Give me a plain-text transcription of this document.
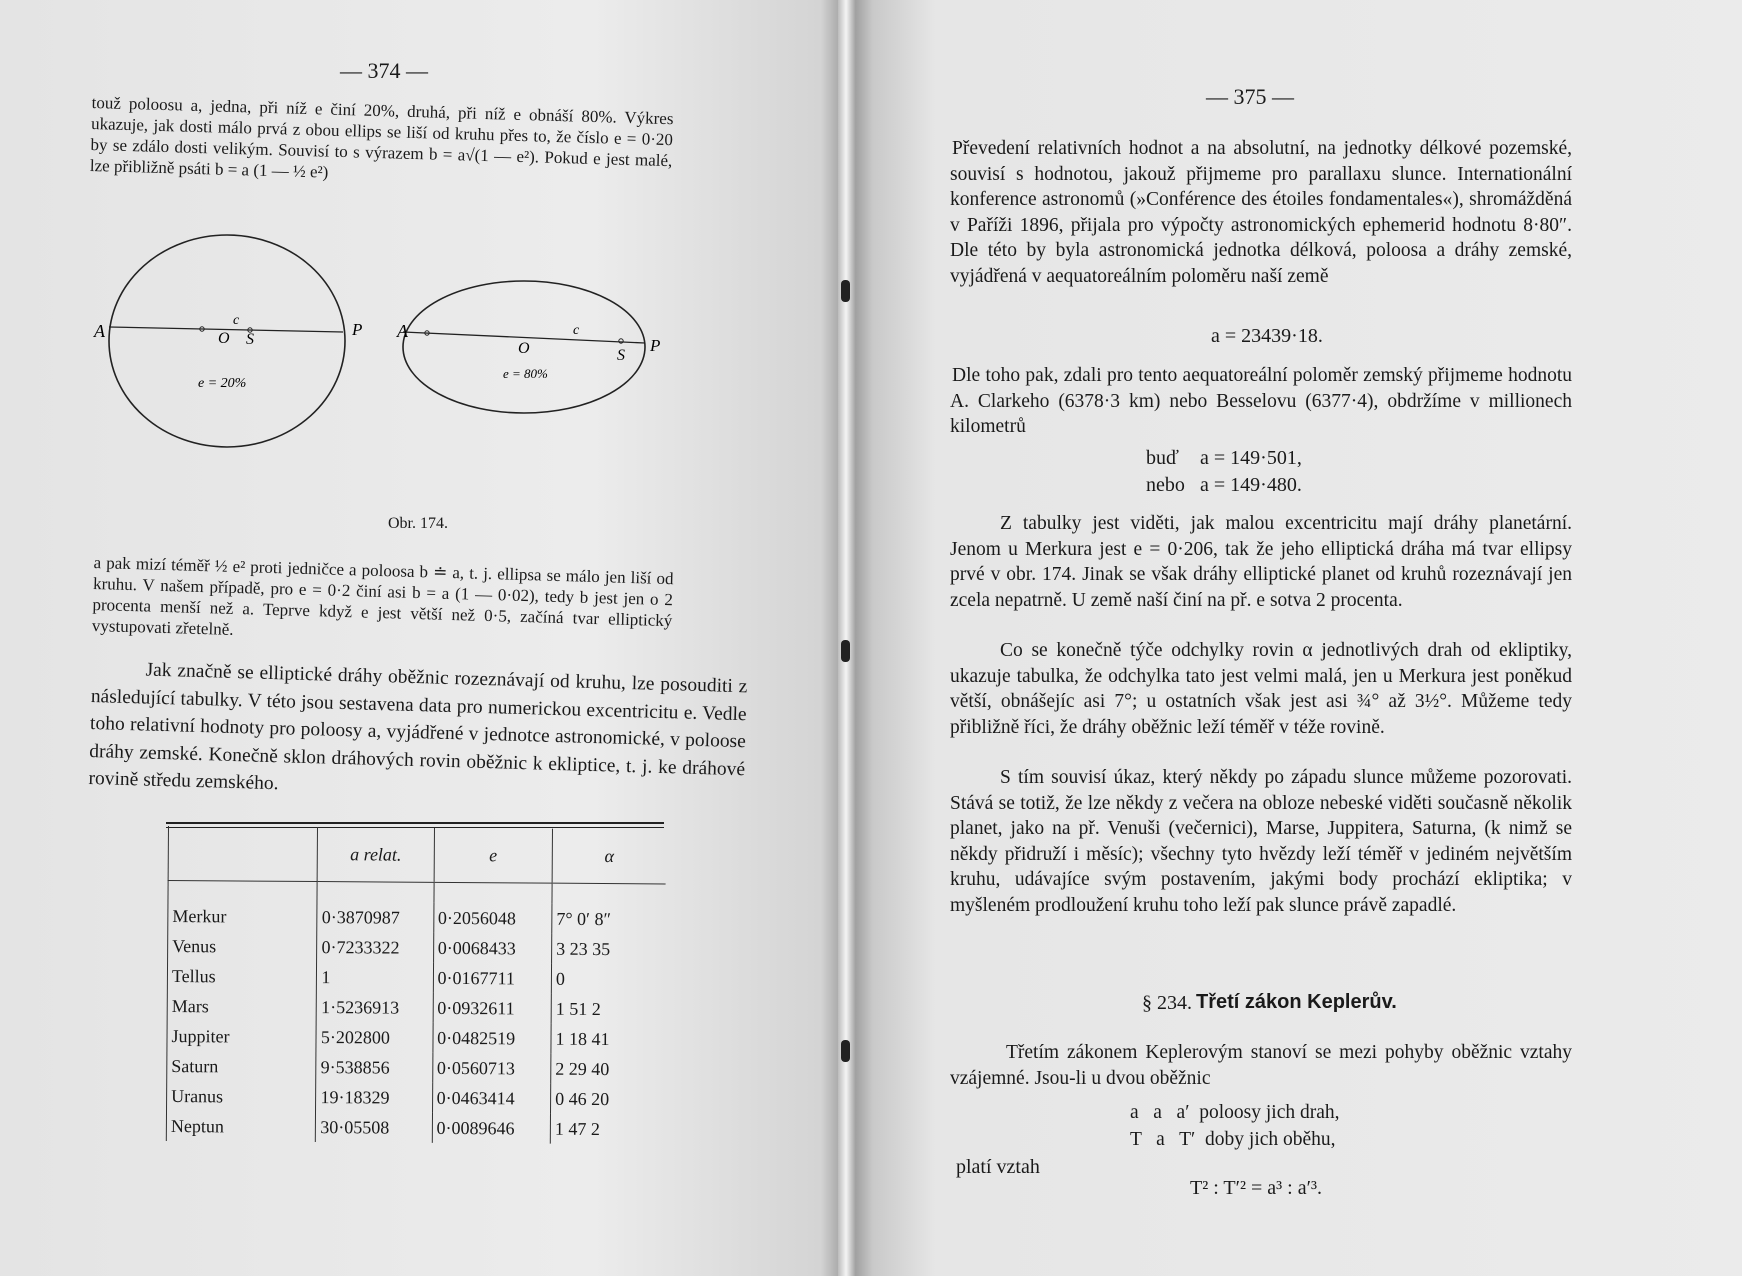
— 374 —

touž poloosu a, jedna, při níž e činí 20%, druhá, při níž e obnáší 80%. Výkres ukazuje, jak dosti málo prvá z obou ellips se liší od kruhu přes to, že číslo e = 0·20 by se zdálo dosti velikým. Souvisí to s výrazem b = a√(1 — e²). Pokud e jest malé, lze přibližně psáti b = a (1 — ½ e²)

A	O S
c	P
e = 20%
A
O	S
c
P
e = 80%
Obr. 174.

a pak mizí téměř ½ e² proti jedničce a poloosa b ≐ a, t. j. ellipsa se málo jen liší od kruhu. V našem případě, pro e = 0·2 činí asi b = a (1 — 0·02), tedy b jest jen o 2 procenta menší než a. Teprve když e jest větší než 0·5, začíná tvar elliptický vystupovati zřetelně.

Jak značně se elliptické dráhy oběžnic rozeznávají od kruhu, lze posouditi z následující tabulky. V této jsou sestavena data pro numerickou excentricitu e. Vedle toho relativní hodnoty pro poloosy a, vyjádřené v jednotce astronomické, v poloose dráhy zemské. Konečně sklon dráhových rovin oběžnic k ekliptice, t. j. ke dráhové rovině středu zemského.

	a relat.	e	α

Merkur	0·3870987	0·2056048	7° 0′ 8″
Venus	0·7233322	0·0068433	3 23 35
Tellus	1	0·0167711	0
Mars	1·5236913	0·0932611	1 51 2
Juppiter	5·202800	0·0482519	1 18 41
Saturn	9·538856	0·0560713	2 29 40
Uranus	19·18329	0·0463414	0 46 20
Neptun	30·05508	0·0089646	1 47 2
— 375 —

Převedení relativních hodnot a na absolutní, na jednotky délkové pozemské, souvisí s hodnotou, jakouž přijmeme pro parallaxu slunce. Internationální konference astronomů (»Conférence des étoiles fondamentales«), shromážděná v Paříži 1896, přijala pro výpočty astronomických ephemerid hodnotu 8·80″. Dle této by byla astronomická jednotka délková, poloosa a dráhy zemské, vyjádřená v aequatoreálním poloměru naší země

a = 23439·18.

Dle toho pak, zdali pro tento aequatoreální poloměr zemský přijmeme hodnotu A. Clarkeho (6378·3 km) nebo Besselovu (6377·4), obdržíme v millionech kilometrů

buď a = 149·501,
nebo a = 149·480.

Z tabulky jest viděti, jak malou excentricitu mají dráhy planetární. Jenom u Merkura jest e = 0·206, tak že jeho elliptická dráha má tvar ellipsy prvé v obr. 174. Jinak se však dráhy elliptické planet od kruhů rozeznávají jen zcela nepatrně. U země naší činí na př. e sotva 2 procenta.

Co se konečně týče odchylky rovin α jednotlivých drah od ekliptiky, ukazuje tabulka, že odchylka tato jest velmi malá, jen u Merkura jest poněkud větší, obnášejíc asi 7°; u ostatních však jest asi ¾° až 3½°. Můžeme tedy přibližně říci, že dráhy oběžnic leží téměř v téže rovině.

S tím souvisí úkaz, který někdy po západu slunce můžeme pozorovati. Stává se totiž, že lze někdy z večera na obloze nebeské viděti současně několik planet, jako na př. Venuši (večernici), Marse, Juppitera, Saturna, (k nimž se někdy přidruží i měsíc); všechny tyto hvězdy leží téměř v jediném největším kruhu, udávajíce svým postavením, jakými body prochází ekliptika; v myšleném prodloužení kruhu toho leží pak slunce právě zapadlé.

§ 234. Třetí zákon Keplerův.

Třetím zákonem Keplerovým stanoví se mezi pohyby oběžnic vztahy vzájemné. Jsou-li u dvou oběžnic

a   a   a′  poloosy jich drah,
T   a   T′  doby jich oběhu,
platí vztah
T² : T′² = a³ : a′³.
